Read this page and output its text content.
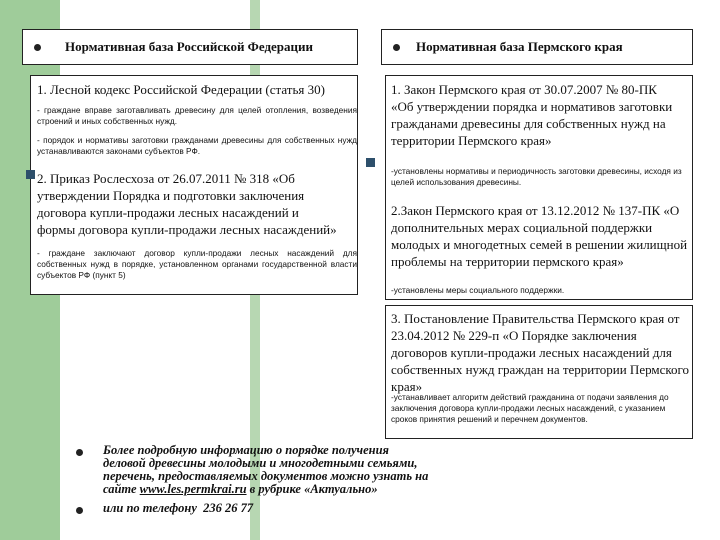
Нормативная база Российской Федерации	Нормативная база Пермского края
1. Лесной кодекс Российской Федерации (статья 30)
- граждане вправе заготавливать древесину для целей отопления, возведения строений и иных собственных нужд.
- порядок и нормативы заготовки гражданами древесины для собственных нужд устанавливаются законами субъектов РФ.
2. Приказ Рослесхоза от 26.07.2011 № 318 «Об утверждении Порядка и подготовки заключения договора купли-продажи лесных насаждений и формы договора купли-продажи лесных насаждений»
- граждане заключают договор купли-продажи лесных насаждений для собственных нужд в порядке, установленном органами государственной власти субъектов РФ (пункт 5)
1. Закон Пермского края от 30.07.2007 № 80-ПК «Об утверждении порядка и нормативов заготовки гражданами древесины для собственных нужд на территории Пермского края»
-установлены нормативы и периодичность заготовки древесины, исходя из целей использования древесины.
2.Закон Пермского края от 13.12.2012 № 137-ПК «О дополнительных мерах социальной поддержки молодых и многодетных семей в решении жилищной проблемы на территории пермского края»
-установлены меры социального поддержки.
3. Постановление Правительства Пермского края от 23.04.2012 № 229-п «О Порядке заключения договоров купли-продажи лесных насаждений для собственных нужд граждан на территории Пермского края»
-устанавливает алгоритм действий гражданина от подачи заявления до заключения договора купли-продажи лесных насаждений, с указанием сроков принятия решений и перечнем документов.
Более подробную информацию о порядке получения
деловой древесины молодыми и многодетными семьями,
перечень, предоставляемых документов можно узнать на
сайте www.les.permkrai.ru в рубрике «Актуально»
или по телефону  236 26 77
